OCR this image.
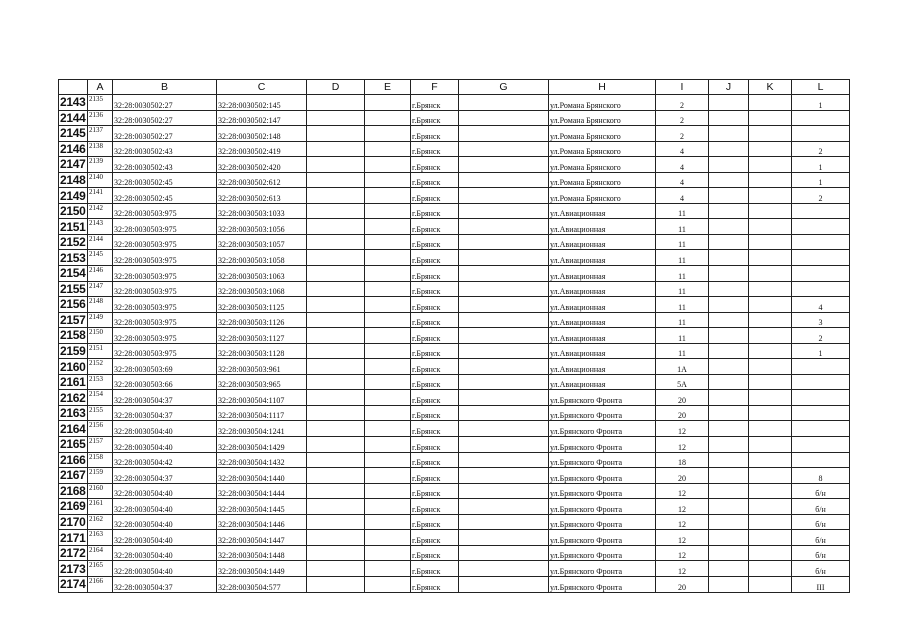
	A	B	C	D	E	F	G	H	I	J	K	L
2143	2135	32:28:0030502:27	32:28:0030502:145			г.Брянск		ул.Романа Брянского	2			1
2144	2136	32:28:0030502:27	32:28:0030502:147			г.Брянск		ул.Романа Брянского	2			
2145	2137	32:28:0030502:27	32:28:0030502:148			г.Брянск		ул.Романа Брянского	2			
2146	2138	32:28:0030502:43	32:28:0030502:419			г.Брянск		ул.Романа Брянского	4			2
2147	2139	32:28:0030502:43	32:28:0030502:420			г.Брянск		ул.Романа Брянского	4			1
2148	2140	32:28:0030502:45	32:28:0030502:612			г.Брянск		ул.Романа Брянского	4			1
2149	2141	32:28:0030502:45	32:28:0030502:613			г.Брянск		ул.Романа Брянского	4			2
2150	2142	32:28:0030503:975	32:28:0030503:1033			г.Брянск		ул.Авиационная	11			
2151	2143	32:28:0030503:975	32:28:0030503:1056			г.Брянск		ул.Авиационная	11			
2152	2144	32:28:0030503:975	32:28:0030503:1057			г.Брянск		ул.Авиационная	11			
2153	2145	32:28:0030503:975	32:28:0030503:1058			г.Брянск		ул.Авиационная	11			
2154	2146	32:28:0030503:975	32:28:0030503:1063			г.Брянск		ул.Авиационная	11			
2155	2147	32:28:0030503:975	32:28:0030503:1068			г.Брянск		ул.Авиационная	11			
2156	2148	32:28:0030503:975	32:28:0030503:1125			г.Брянск		ул.Авиационная	11			4
2157	2149	32:28:0030503:975	32:28:0030503:1126			г.Брянск		ул.Авиационная	11			3
2158	2150	32:28:0030503:975	32:28:0030503:1127			г.Брянск		ул.Авиационная	11			2
2159	2151	32:28:0030503:975	32:28:0030503:1128			г.Брянск		ул.Авиационная	11			1
2160	2152	32:28:0030503:69	32:28:0030503:961			г.Брянск		ул.Авиационная	1А			
2161	2153	32:28:0030503:66	32:28:0030503:965			г.Брянск		ул.Авиационная	5А			
2162	2154	32:28:0030504:37	32:28:0030504:1107			г.Брянск		ул.Брянского Фронта	20			
2163	2155	32:28:0030504:37	32:28:0030504:1117			г.Брянск		ул.Брянского Фронта	20			
2164	2156	32:28:0030504:40	32:28:0030504:1241			г.Брянск		ул.Брянского Фронта	12			
2165	2157	32:28:0030504:40	32:28:0030504:1429			г.Брянск		ул.Брянского Фронта	12			
2166	2158	32:28:0030504:42	32:28:0030504:1432			г.Брянск		ул.Брянского Фронта	18			
2167	2159	32:28:0030504:37	32:28:0030504:1440			г.Брянск		ул.Брянского Фронта	20			8
2168	2160	32:28:0030504:40	32:28:0030504:1444			г.Брянск		ул.Брянского Фронта	12			б/н
2169	2161	32:28:0030504:40	32:28:0030504:1445			г.Брянск		ул.Брянского Фронта	12			б/н
2170	2162	32:28:0030504:40	32:28:0030504:1446			г.Брянск		ул.Брянского Фронта	12			б/н
2171	2163	32:28:0030504:40	32:28:0030504:1447			г.Брянск		ул.Брянского Фронта	12			б/н
2172	2164	32:28:0030504:40	32:28:0030504:1448			г.Брянск		ул.Брянского Фронта	12			б/н
2173	2165	32:28:0030504:40	32:28:0030504:1449			г.Брянск		ул.Брянского Фронта	12			б/н
2174	2166	32:28:0030504:37	32:28:0030504:577			г.Брянск		ул.Брянского Фронта	20			III
